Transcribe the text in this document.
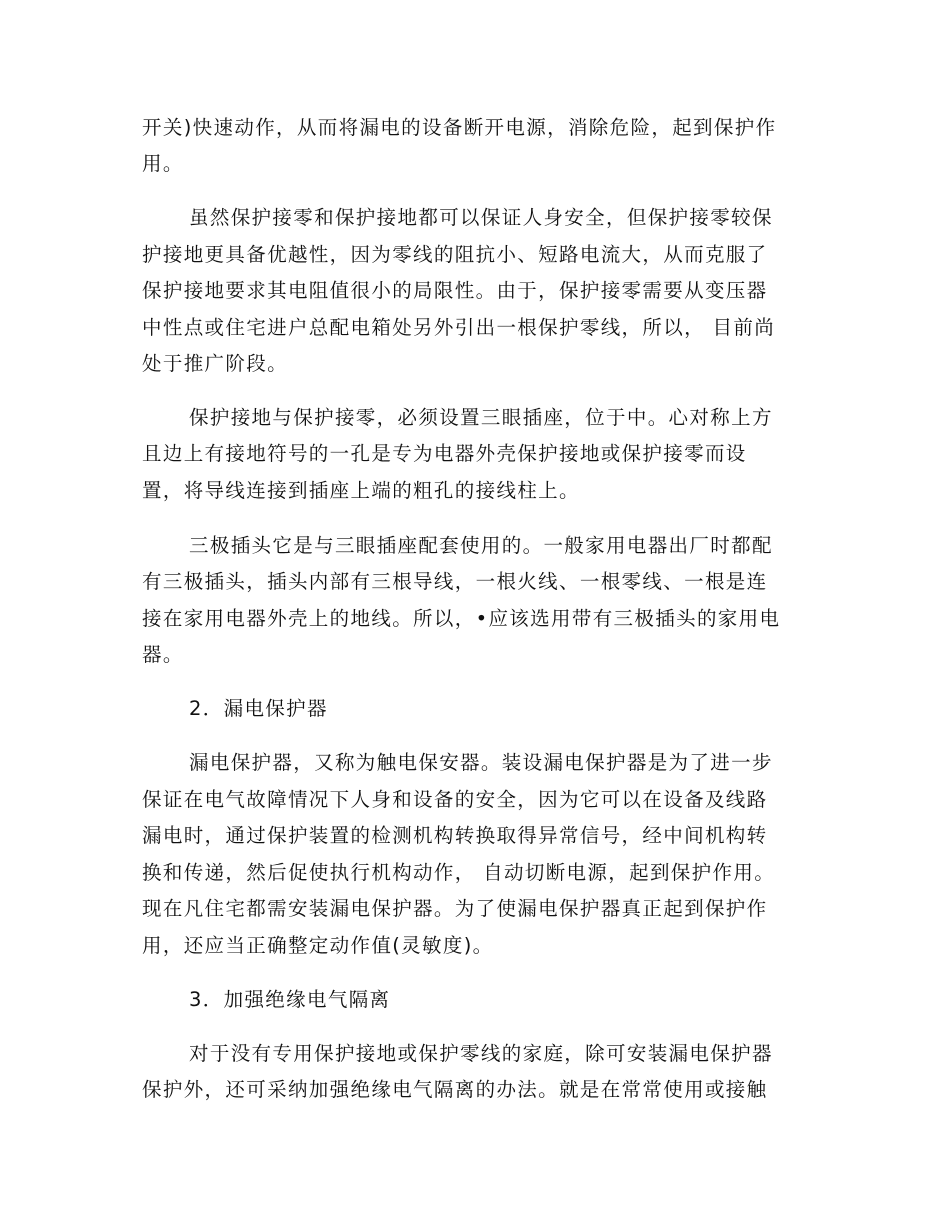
开关)快速动作，从而将漏电的设备断开电源，消除危险，起到保护作
用。
虽然保护接零和保护接地都可以保证人身安全，但保护接零较保
护接地更具备优越性，因为零线的阻抗小、短路电流大，从而克服了
保护接地要求其电阻值很小的局限性。由于，保护接零需要从变压器
中性点或住宅进户总配电箱处另外引出一根保护零线，所以， 目前尚
处于推广阶段。
保护接地与保护接零，必须设置三眼插座，位于中。心对称上方
且边上有接地符号的一孔是专为电器外壳保护接地或保护接零而设
置，将导线连接到插座上端的粗孔的接线柱上。
三极插头它是与三眼插座配套使用的。一般家用电器出厂时都配
有三极插头，插头内部有三根导线，一根火线、一根零线、一根是连
接在家用电器外壳上的地线。所以，•应该选用带有三极插头的家用电
器。
2．漏电保护器
漏电保护器，又称为触电保安器。装设漏电保护器是为了进一步
保证在电气故障情况下人身和设备的安全，因为它可以在设备及线路
漏电时，通过保护装置的检测机构转换取得异常信号，经中间机构转
换和传递，然后促使执行机构动作， 自动切断电源，起到保护作用。
现在凡住宅都需安装漏电保护器。为了使漏电保护器真正起到保护作
用，还应当正确整定动作值(灵敏度)。
3．加强绝缘电气隔离
对于没有专用保护接地或保护零线的家庭，除可安装漏电保护器
保护外，还可采纳加强绝缘电气隔离的办法。就是在常常使用或接触
